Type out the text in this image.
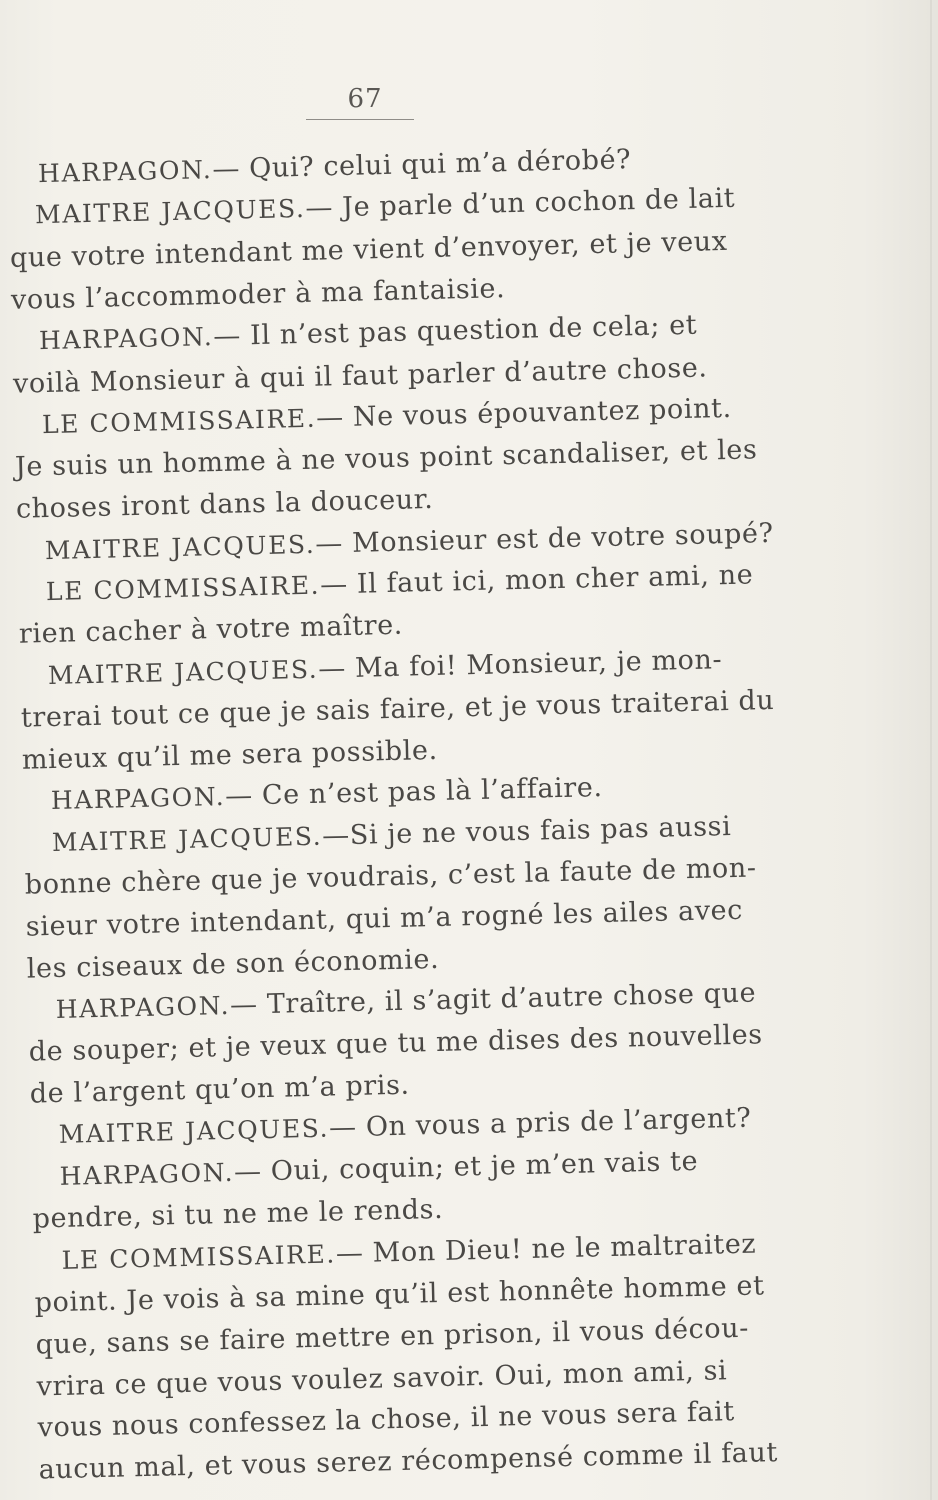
67
HARPAGON.— Qui? celui qui m’a dérobé?
MAITRE JACQUES.— Je parle d’un cochon de lait
que votre intendant me vient d’envoyer, et je veux
vous l’accommoder à ma fantaisie.
HARPAGON.— Il n’est pas question de cela; et
voilà Monsieur à qui il faut parler d’autre chose.
LE COMMISSAIRE.— Ne vous épouvantez point.
Je suis un homme à ne vous point scandaliser, et les
choses iront dans la douceur.
MAITRE JACQUES.— Monsieur est de votre soupé?
LE COMMISSAIRE.— Il faut ici, mon cher ami, ne
rien cacher à votre maître.
MAITRE JACQUES.— Ma foi! Monsieur, je mon-
trerai tout ce que je sais faire, et je vous traiterai du
mieux qu’il me sera possible.
HARPAGON.— Ce n’est pas là l’affaire.
MAITRE JACQUES.—Si je ne vous fais pas aussi
bonne chère que je voudrais, c’est la faute de mon-
sieur votre intendant, qui m’a rogné les ailes avec
les ciseaux de son économie.
HARPAGON.— Traître, il s’agit d’autre chose que
de souper; et je veux que tu me dises des nouvelles
de l’argent qu’on m’a pris.
MAITRE JACQUES.— On vous a pris de l’argent?
HARPAGON.— Oui, coquin; et je m’en vais te
pendre, si tu ne me le rends.
LE COMMISSAIRE.— Mon Dieu! ne le maltraitez
point. Je vois à sa mine qu’il est honnête homme et
que, sans se faire mettre en prison, il vous décou-
vrira ce que vous voulez savoir. Oui, mon ami, si
vous nous confessez la chose, il ne vous sera fait
aucun mal, et vous serez récompensé comme il faut
